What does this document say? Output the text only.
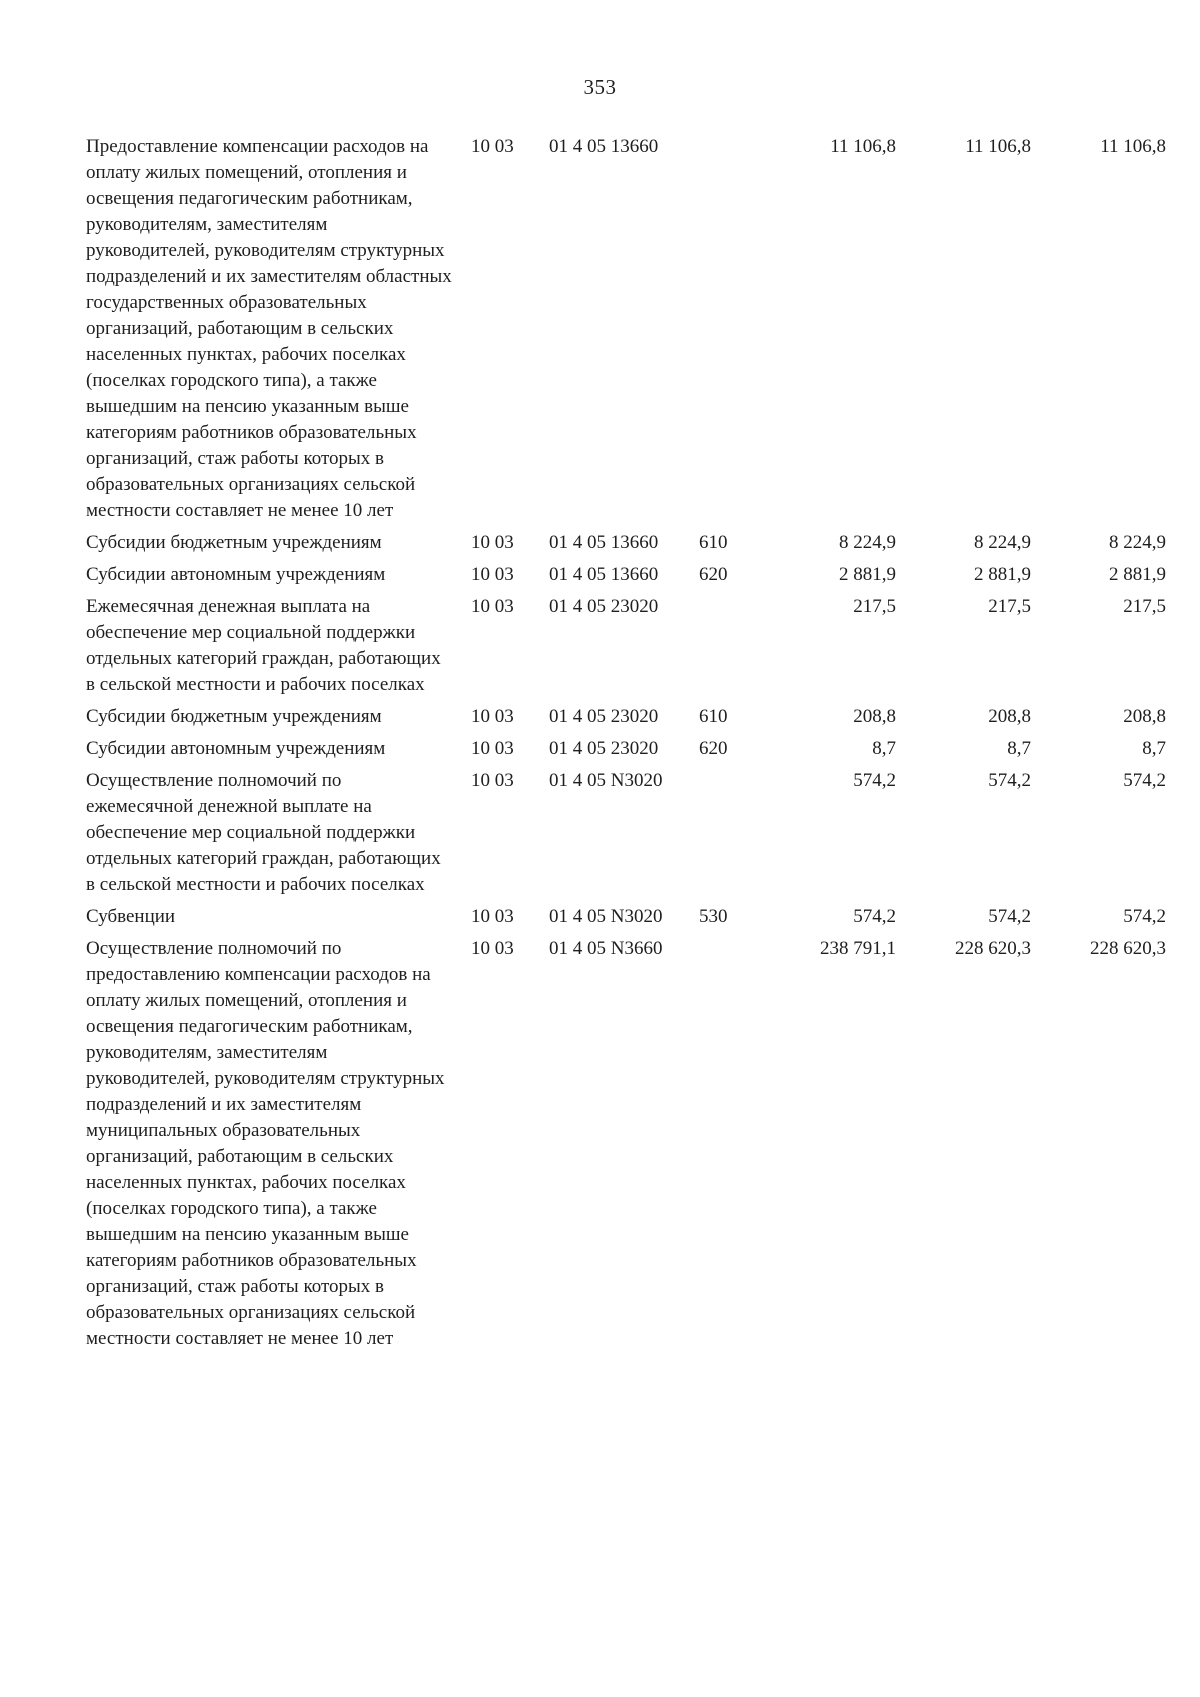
353
Предоставление компенсации расходов на оплату жилых помещений, отопления и освещения педагогическим работникам, руководителям, заместителям руководителей, руководителям структурных подразделений и их заместителям областных государственных образовательных организаций, работающим в сельских населенных пунктах, рабочих поселках (поселках городского типа), а также вышедшим на пенсию указанным выше категориям работников образовательных организаций, стаж работы которых в образовательных организациях сельской местности составляет не менее 10 лет	10 03	01 4 05 13660		11 106,8	11 106,8	11 106,8
Субсидии бюджетным учреждениям	10 03	01 4 05 13660	610	8 224,9	8 224,9	8 224,9
Субсидии автономным учреждениям	10 03	01 4 05 13660	620	2 881,9	2 881,9	2 881,9
Ежемесячная денежная выплата на обеспечение мер социальной поддержки отдельных категорий граждан, работающих в сельской местности и рабочих поселках	10 03	01 4 05 23020		217,5	217,5	217,5
Субсидии бюджетным учреждениям	10 03	01 4 05 23020	610	208,8	208,8	208,8
Субсидии автономным учреждениям	10 03	01 4 05 23020	620	8,7	8,7	8,7
Осуществление полномочий по ежемесячной денежной выплате на обеспечение мер социальной поддержки отдельных категорий граждан, работающих в сельской местности и рабочих поселках	10 03	01 4 05 N3020		574,2	574,2	574,2
Субвенции	10 03	01 4 05 N3020	530	574,2	574,2	574,2
Осуществление полномочий по предоставлению компенсации расходов на оплату жилых помещений, отопления и освещения педагогическим работникам, руководителям, заместителям руководителей, руководителям структурных подразделений и их заместителям муниципальных образовательных организаций, работающим в сельских населенных пунктах, рабочих поселках (поселках городского типа), а также вышедшим на пенсию указанным выше категориям работников образовательных организаций, стаж работы которых в образовательных организациях сельской местности составляет не менее 10 лет	10 03	01 4 05 N3660		238 791,1	228 620,3	228 620,3
